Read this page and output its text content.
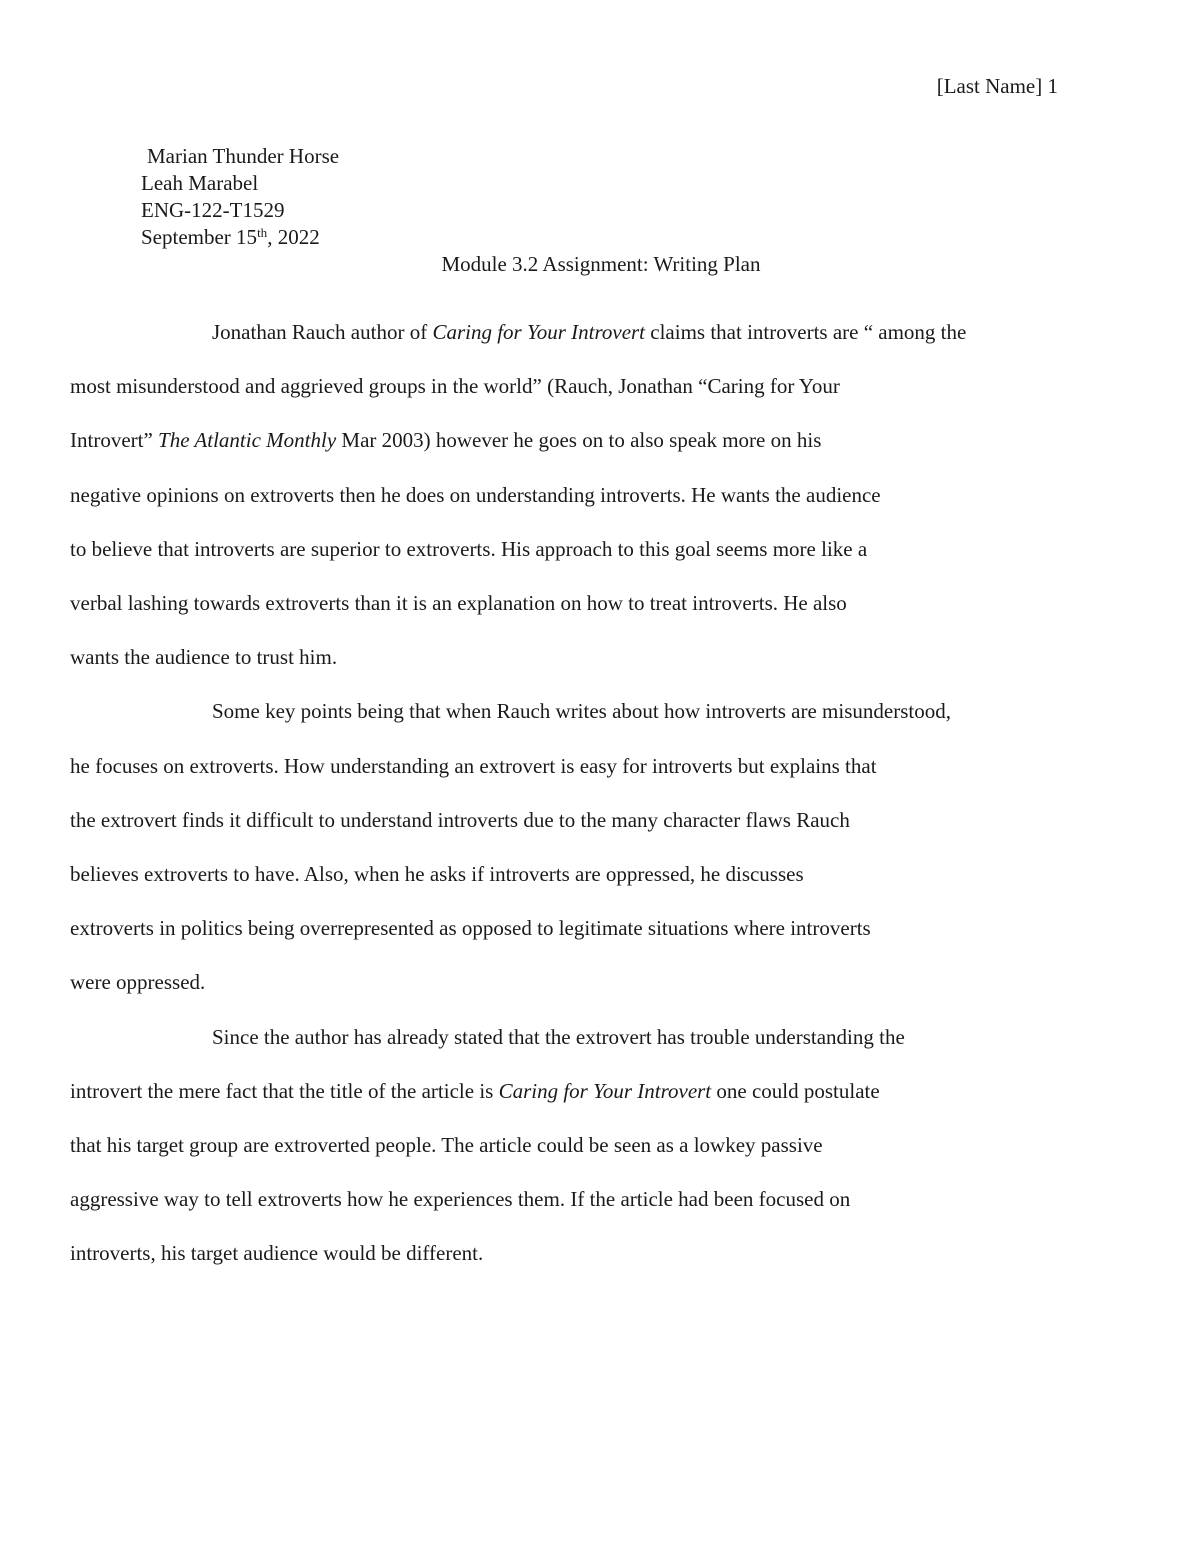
[Last Name] 1
Marian Thunder Horse
Leah Marabel
ENG-122-T1529
September 15th, 2022
Module 3.2 Assignment: Writing Plan

Jonathan Rauch author of Caring for Your Introvert claims that introverts are “ among the
most misunderstood and aggrieved groups in the world” (Rauch, Jonathan “Caring for Your
Introvert” The Atlantic Monthly Mar 2003) however he goes on to also speak more on his
negative opinions on extroverts then he does on understanding introverts. He wants the audience
to believe that introverts are superior to extroverts. His approach to this goal seems more like a
verbal lashing towards extroverts than it is an explanation on how to treat introverts. He also
wants the audience to trust him.

Some key points being that when Rauch writes about how introverts are misunderstood,
he focuses on extroverts. How understanding an extrovert is easy for introverts but explains that
the extrovert finds it difficult to understand introverts due to the many character flaws Rauch
believes extroverts to have. Also, when he asks if introverts are oppressed, he discusses
extroverts in politics being overrepresented as opposed to legitimate situations where introverts
were oppressed.

Since the author has already stated that the extrovert has trouble understanding the
introvert the mere fact that the title of the article is Caring for Your Introvert one could postulate
that his target group are extroverted people. The article could be seen as a lowkey passive
aggressive way to tell extroverts how he experiences them. If the article had been focused on
introverts, his target audience would be different.
